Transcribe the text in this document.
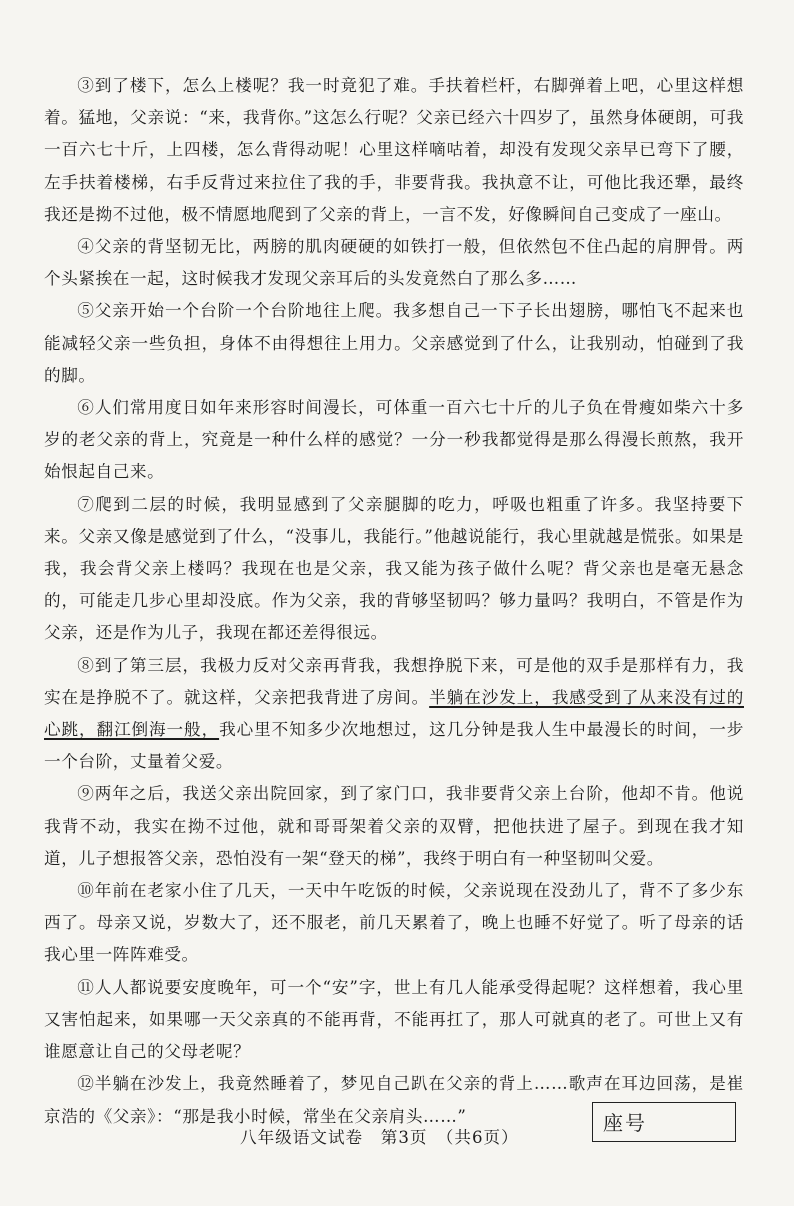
③到了楼下，怎么上楼呢？我一时竟犯了难。手扶着栏杆，右脚弹着上吧，心里这样想着。猛地，父亲说：“来，我背你。”这怎么行呢？父亲已经六十四岁了，虽然身体硬朗，可我一百六七十斤，上四楼，怎么背得动呢！心里这样嘀咕着，却没有发现父亲早已弯下了腰，左手扶着楼梯，右手反背过来拉住了我的手，非要背我。我执意不让，可他比我还犟，最终我还是拗不过他，极不情愿地爬到了父亲的背上，一言不发，好像瞬间自己变成了一座山。

④父亲的背坚韧无比，两膀的肌肉硬硬的如铁打一般，但依然包不住凸起的肩胛骨。两个头紧挨在一起，这时候我才发现父亲耳后的头发竟然白了那么多……

⑤父亲开始一个台阶一个台阶地往上爬。我多想自己一下子长出翅膀，哪怕飞不起来也能减轻父亲一些负担，身体不由得想往上用力。父亲感觉到了什么，让我别动，怕碰到了我的脚。

⑥人们常用度日如年来形容时间漫长，可体重一百六七十斤的儿子负在骨瘦如柴六十多岁的老父亲的背上，究竟是一种什么样的感觉？一分一秒我都觉得是那么得漫长煎熬，我开始恨起自己来。

⑦爬到二层的时候，我明显感到了父亲腿脚的吃力，呼吸也粗重了许多。我坚持要下来。父亲又像是感觉到了什么，“没事儿，我能行。”他越说能行，我心里就越是慌张。如果是我，我会背父亲上楼吗？我现在也是父亲，我又能为孩子做什么呢？背父亲也是毫无悬念的，可能走几步心里却没底。作为父亲，我的背够坚韧吗？够力量吗？我明白，不管是作为父亲，还是作为儿子，我现在都还差得很远。

⑧到了第三层，我极力反对父亲再背我，我想挣脱下来，可是他的双手是那样有力，我实在是挣脱不了。就这样，父亲把我背进了房间。半躺在沙发上，我感受到了从来没有过的心跳，翻江倒海一般，我心里不知多少次地想过，这几分钟是我人生中最漫长的时间，一步一个台阶，丈量着父爱。

⑨两年之后，我送父亲出院回家，到了家门口，我非要背父亲上台阶，他却不肯。他说我背不动，我实在拗不过他，就和哥哥架着父亲的双臂，把他扶进了屋子。到现在我才知道，儿子想报答父亲，恐怕没有一架“登天的梯”，我终于明白有一种坚韧叫父爱。

⑩年前在老家小住了几天，一天中午吃饭的时候，父亲说现在没劲儿了，背不了多少东西了。母亲又说，岁数大了，还不服老，前几天累着了，晚上也睡不好觉了。听了母亲的话我心里一阵阵难受。

⑪人人都说要安度晚年，可一个“安”字，世上有几人能承受得起呢？这样想着，我心里又害怕起来，如果哪一天父亲真的不能再背，不能再扛了，那人可就真的老了。可世上又有谁愿意让自己的父母老呢？

⑫半躺在沙发上，我竟然睡着了，梦见自己趴在父亲的背上……歌声在耳边回荡，是崔京浩的《父亲》：“那是我小时候，常坐在父亲肩头……”	座号
八年级语文试卷　第3页　（共6页）
